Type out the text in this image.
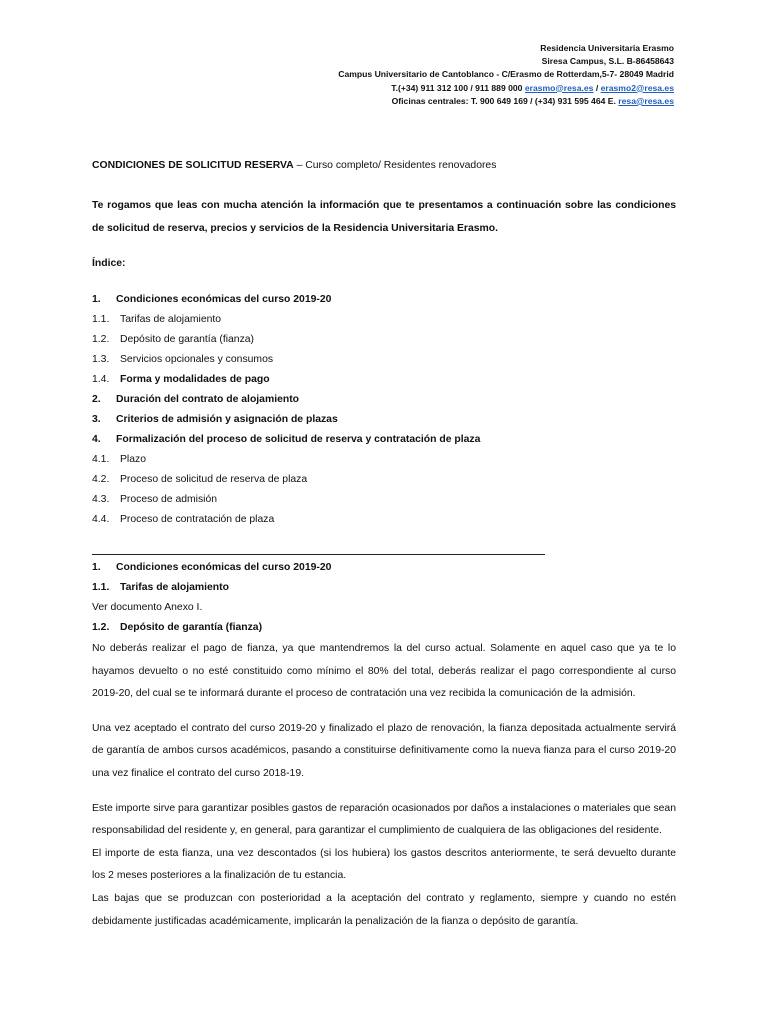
Residencia Universitaria Erasmo
Siresa Campus, S.L. B-86458643
Campus Universitario de Cantoblanco - C/Erasmo de Rotterdam,5-7- 28049 Madrid
T.(+34) 911 312 100 / 911 889 000 erasmo@resa.es / erasmo2@resa.es
Oficinas centrales: T. 900 649 169 / (+34) 931 595 464 E. resa@resa.es
CONDICIONES DE SOLICITUD RESERVA – Curso completo/ Residentes renovadores
Te rogamos que leas con mucha atención la información que te presentamos a continuación sobre las condiciones de solicitud de reserva, precios y servicios de la Residencia Universitaria Erasmo.
Índice:
1.	Condiciones económicas del curso 2019-20
1.1.	Tarifas de alojamiento
1.2.	Depósito de garantía (fianza)
1.3.	Servicios opcionales y consumos
1.4.	Forma y modalidades de pago
2.	Duración del contrato de alojamiento
3.	Criterios de admisión y asignación de plazas
4.	Formalización del proceso de solicitud de reserva y contratación de plaza
4.1.	Plazo
4.2.	Proceso de solicitud de reserva de plaza
4.3.	Proceso de admisión
4.4.	Proceso de contratación de plaza
1.	Condiciones económicas del curso 2019-20
1.1.	Tarifas de alojamiento
Ver documento Anexo I.
1.2.	Depósito de garantía (fianza)
No deberás realizar el pago de fianza, ya que mantendremos la del curso actual. Solamente en aquel caso que ya te lo hayamos devuelto o no esté constituido como mínimo el 80% del total, deberás realizar el pago correspondiente al curso 2019-20, del cual se te informará durante el proceso de contratación una vez recibida la comunicación de la admisión.
Una vez aceptado el contrato del curso 2019-20 y finalizado el plazo de renovación, la fianza depositada actualmente servirá de garantía de ambos cursos académicos, pasando a constituirse definitivamente como la nueva fianza para el curso 2019-20 una vez finalice el contrato del curso 2018-19.
Este importe sirve para garantizar posibles gastos de reparación ocasionados por daños a instalaciones o materiales que sean responsabilidad del residente y, en general, para garantizar el cumplimiento de cualquiera de las obligaciones del residente.
El importe de esta fianza, una vez descontados (si los hubiera) los gastos descritos anteriormente, te será devuelto durante los 2 meses posteriores a la finalización de tu estancia.
Las bajas que se produzcan con posterioridad a la aceptación del contrato y reglamento, siempre y cuando no estén debidamente justificadas académicamente, implicarán la penalización de la fianza o depósito de garantía.
